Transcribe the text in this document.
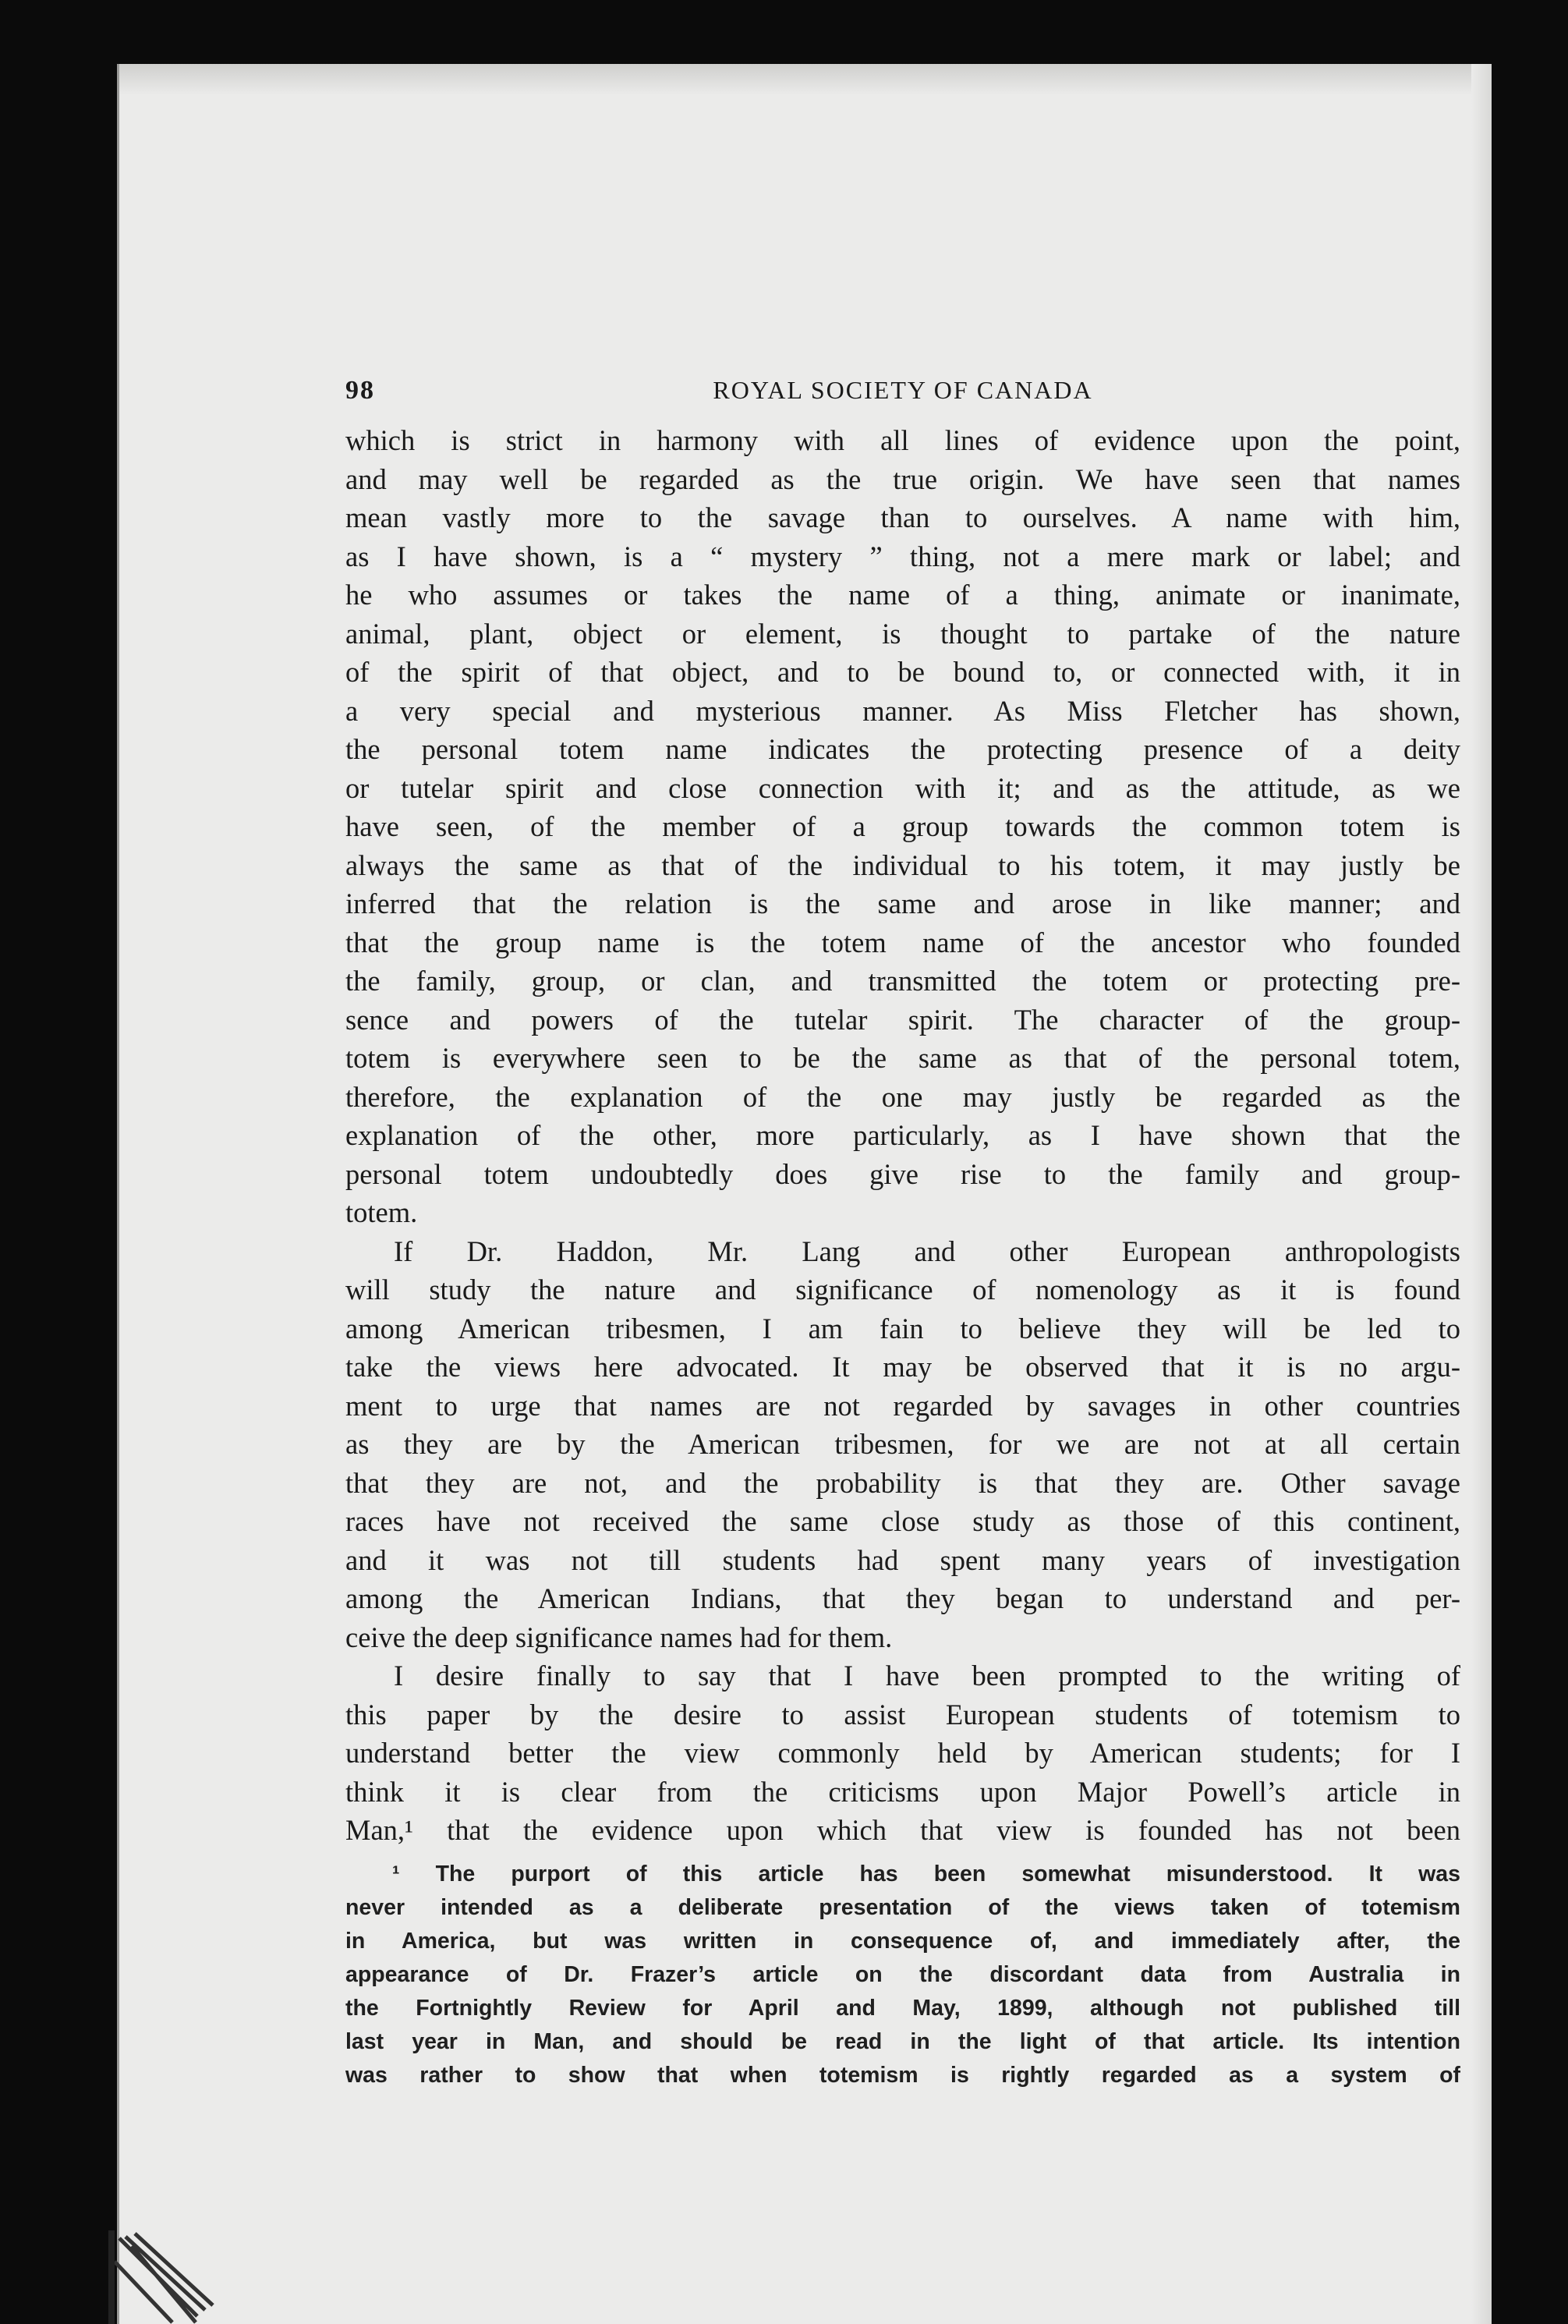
98	ROYAL SOCIETY OF CANADA
which is strict in harmony with all lines of evidence upon the point,
and may well be regarded as the true origin. We have seen that names
mean vastly more to the savage than to ourselves. A name with him,
as I have shown, is a “ mystery ” thing, not a mere mark or label; and
he who assumes or takes the name of a thing, animate or inanimate,
animal, plant, object or element, is thought to partake of the nature
of the spirit of that object, and to be bound to, or connected with, it in
a very special and mysterious manner. As Miss Fletcher has shown,
the personal totem name indicates the protecting presence of a deity
or tutelar spirit and close connection with it; and as the attitude, as we
have seen, of the member of a group towards the common totem is
always the same as that of the individual to his totem, it may justly be
inferred that the relation is the same and arose in like manner; and
that the group name is the totem name of the ancestor who founded
the family, group, or clan, and transmitted the totem or protecting pre-
sence and powers of the tutelar spirit. The character of the group-
totem is everywhere seen to be the same as that of the personal totem,
therefore, the explanation of the one may justly be regarded as the
explanation of the other, more particularly, as I have shown that the
personal totem undoubtedly does give rise to the family and group-
totem.
If Dr. Haddon, Mr. Lang and other European anthropologists
will study the nature and significance of nomenology as it is found
among American tribesmen, I am fain to believe they will be led to
take the views here advocated. It may be observed that it is no argu-
ment to urge that names are not regarded by savages in other countries
as they are by the American tribesmen, for we are not at all certain
that they are not, and the probability is that they are. Other savage
races have not received the same close study as those of this continent,
and it was not till students had spent many years of investigation
among the American Indians, that they began to understand and per-
ceive the deep significance names had for them.
I desire finally to say that I have been prompted to the writing of
this paper by the desire to assist European students of totemism to
understand better the view commonly held by American students; for I
think it is clear from the criticisms upon Major Powell’s article in
Man,¹ that the evidence upon which that view is founded has not been
¹ The purport of this article has been somewhat misunderstood. It was
never intended as a deliberate presentation of the views taken of totemism
in America, but was written in consequence of, and immediately after, the
appearance of Dr. Frazer’s article on the discordant data from Australia in
the Fortnightly Review for April and May, 1899, although not published till
last year in Man, and should be read in the light of that article. Its intention
was rather to show that when totemism is rightly regarded as a system of
